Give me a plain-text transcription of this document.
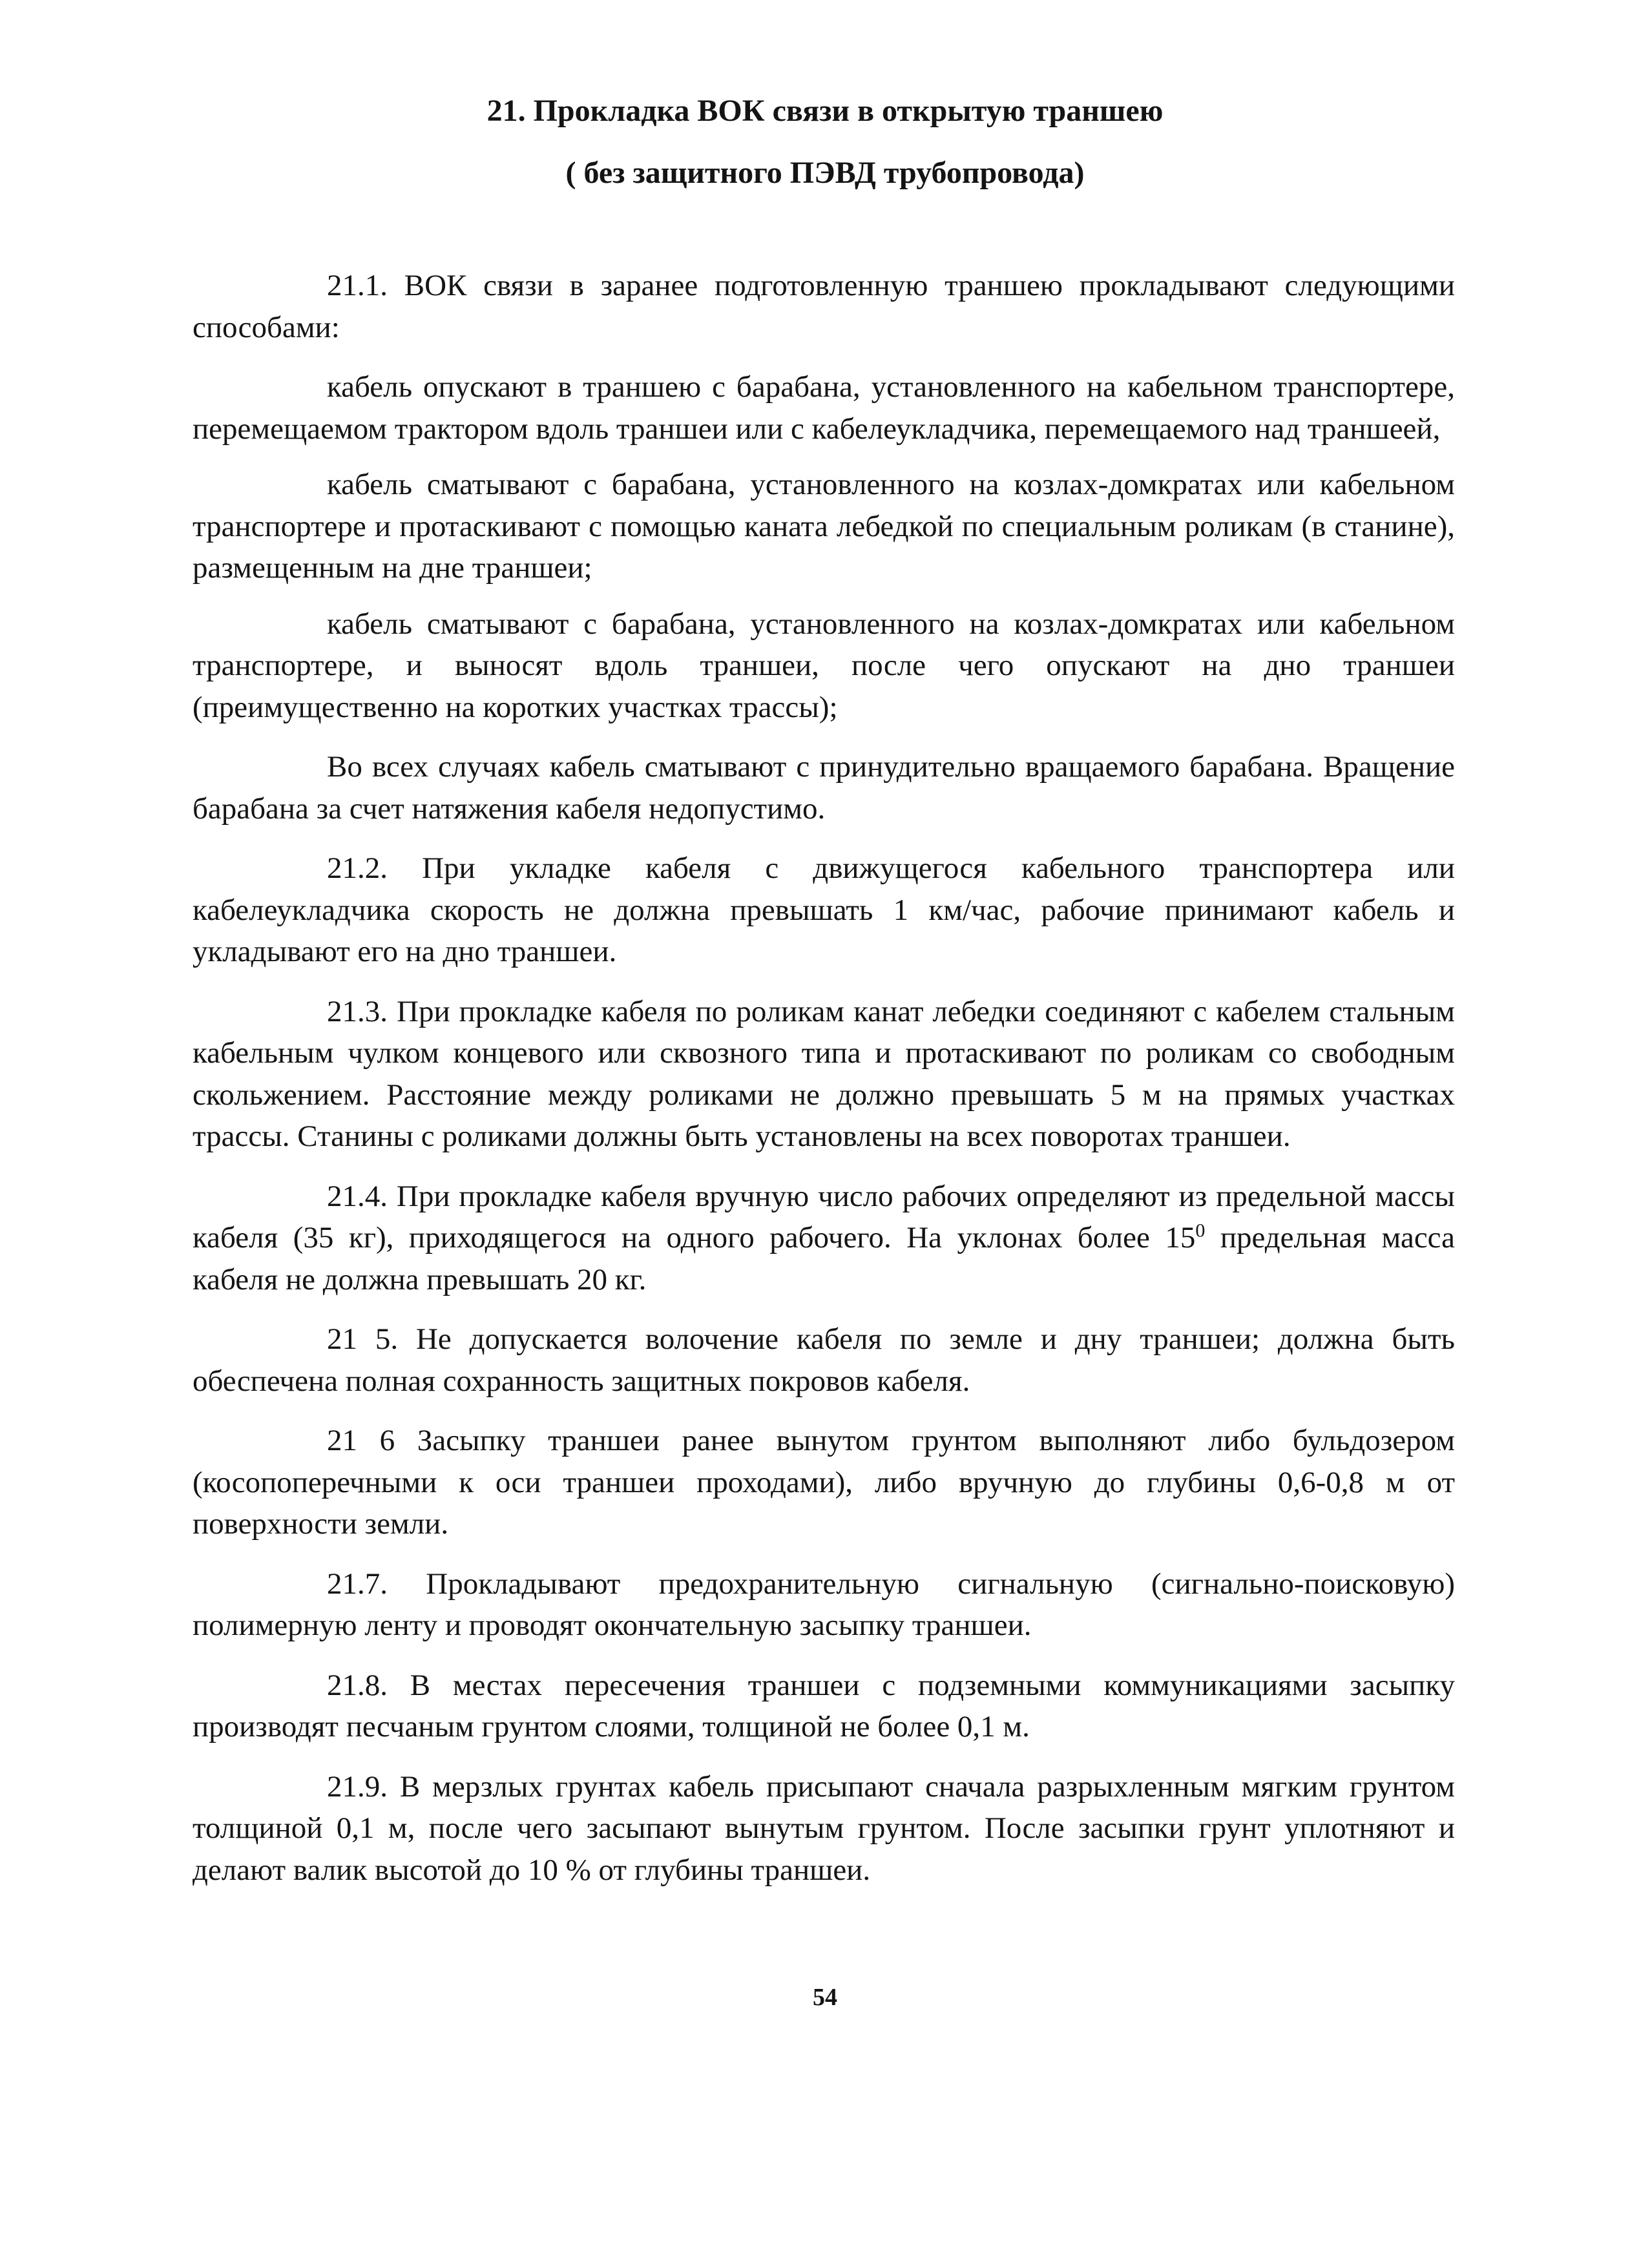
21. Прокладка ВОК связи в открытую траншею
( без защитного ПЭВД трубопровода)

21.1. ВОК связи в заранее подготовленную траншею прокладывают следующими способами:

кабель опускают в траншею с барабана, установленного на кабельном транспортере, перемещаемом трактором вдоль траншеи или с кабелеукладчика, перемещаемого над траншеей,

кабель сматывают с барабана, установленного на козлах-домкратах или кабельном транспортере и протаскивают с помощью каната лебедкой по специальным роликам (в станине), размещенным на дне траншеи;

кабель сматывают с барабана, установленного на козлах-домкратах или кабельном транспортере, и выносят вдоль траншеи, после чего опускают на дно траншеи (преимущественно на коротких участках трассы);

Во всех случаях кабель сматывают с принудительно вращаемого барабана. Вращение барабана за счет натяжения кабеля недопустимо.

21.2. При укладке кабеля с движущегося кабельного транспортера или кабелеукладчика скорость не должна превышать 1 км/час, рабочие принимают кабель и укладывают его на дно траншеи.

21.3. При прокладке кабеля по роликам канат лебедки соединяют с кабелем стальным кабельным чулком концевого или сквозного типа и протаскивают по роликам со свободным скольжением. Расстояние между роликами не должно превышать 5 м на прямых участках трассы. Станины с роликами должны быть установлены на всех поворотах траншеи.

21.4. При прокладке кабеля вручную число рабочих определяют из предельной массы кабеля (35 кг), приходящегося на одного рабочего. На уклонах более $15^0$ предельная масса кабеля не должна превышать 20 кг.

21 5. Не допускается волочение кабеля по земле и дну траншеи; должна быть обеспечена полная сохранность защитных покровов кабеля.

21 6 Засыпку траншеи ранее вынутом грунтом выполняют либо бульдозером (косопоперечными к оси траншеи проходами), либо вручную до глубины 0,6-0,8 м от поверхности земли.

21.7. Прокладывают предохранительную сигнальную (сигнально-поисковую) полимерную ленту и проводят окончательную засыпку траншеи.

21.8. В местах пересечения траншеи с подземными коммуникациями засыпку производят песчаным грунтом слоями, толщиной не более 0,1 м.

21.9. В мерзлых грунтах кабель присыпают сначала разрыхленным мягким грунтом толщиной 0,1 м, после чего засыпают вынутым грунтом. После засыпки грунт уплотняют и делают валик высотой до 10 % от глубины траншеи.

54
